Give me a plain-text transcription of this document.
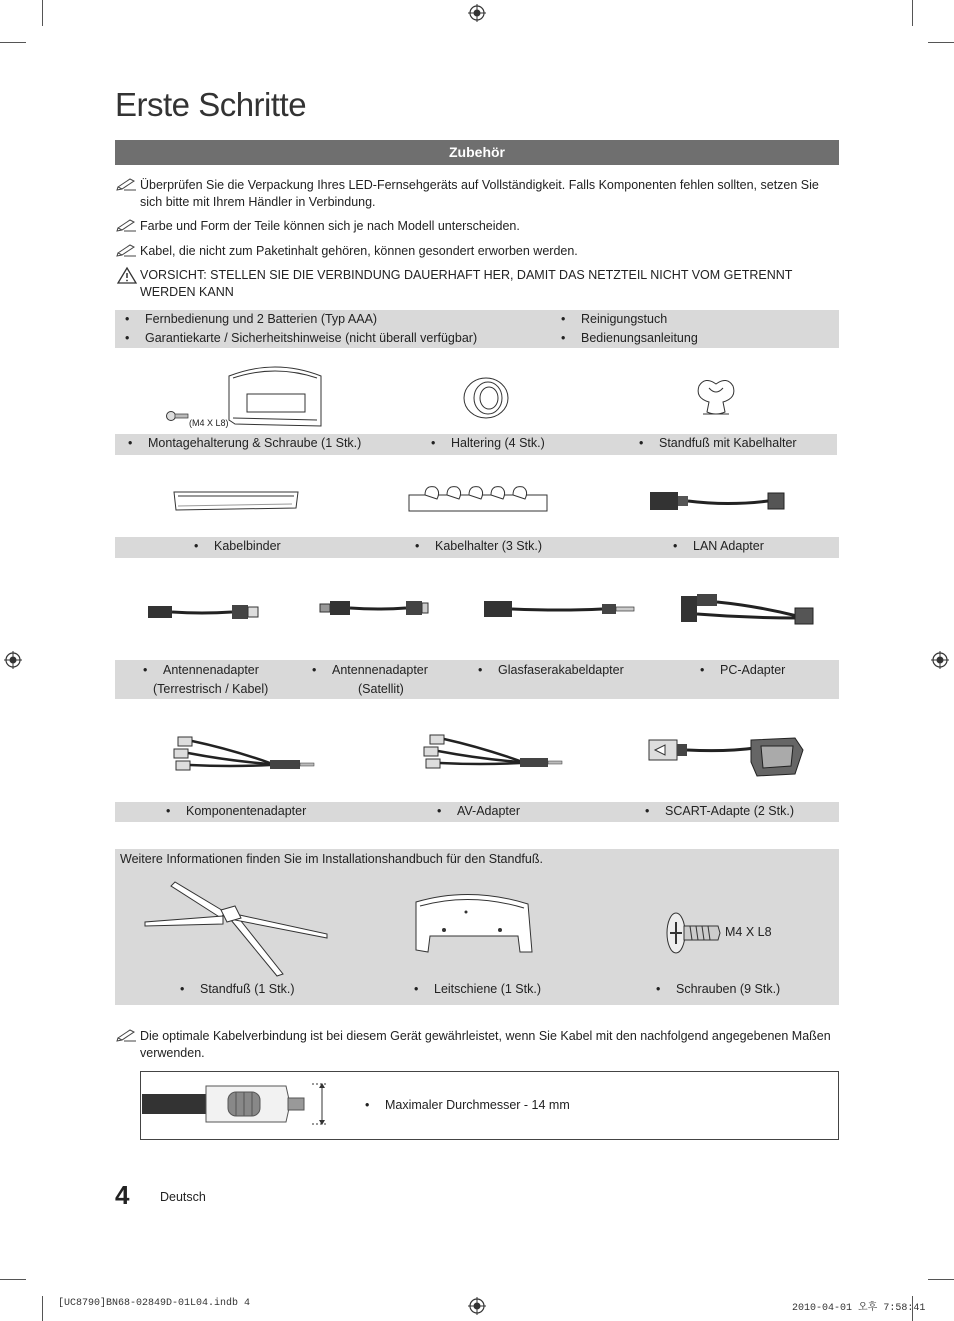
Erste Schritte
Zubehör
Überprüfen Sie die Verpackung Ihres LED-Fernsehgeräts auf Vollständigkeit. Falls Komponenten fehlen sollten, setzen Sie sich bitte mit Ihrem Händler in Verbindung.
Farbe und Form der Teile können sich je nach Modell unterscheiden.
Kabel, die nicht zum Paketinhalt gehören, können gesondert erworben werden.
VORSICHT: STELLEN SIE DIE VERBINDUNG DAUERHAFT HER, DAMIT DAS NETZTEIL NICHT VOM GETRENNT WERDEN KANN
• Fernbedienung und 2 Batterien (Typ AAA)
• Garantiekarte / Sicherheitshinweise (nicht überall verfügbar)
• Reinigungstuch
• Bedienungsanleitung
(M4 X L8)
• Montagehalterung & Schraube (1 Stk.)	• Haltering (4 Stk.)	• Standfuß mit Kabelhalter
• Kabelbinder	• Kabelhalter (3 Stk.)	• LAN Adapter
• Antennenadapter
(Terrestrisch / Kabel)
• Antennenadapter
(Satellit)
• Glasfaserakabeldapter	• PC-Adapter
• Komponentenadapter	• AV-Adapter	• SCART-Adapte (2 Stk.)
Weitere Informationen finden Sie im Installationshandbuch für den Standfuß.
M4 X L8
• Standfuß (1 Stk.)	• Leitschiene (1 Stk.)	• Schrauben (9 Stk.)
Die optimale Kabelverbindung ist bei diesem Gerät gewährleistet, wenn Sie Kabel mit den nachfolgend angegebenen Maßen verwenden.
• Maximaler Durchmesser - 14 mm
4 Deutsch
[UC8790]BN68-02849D-01L04.indb 4	2010-04-01 오후 7:58:41
